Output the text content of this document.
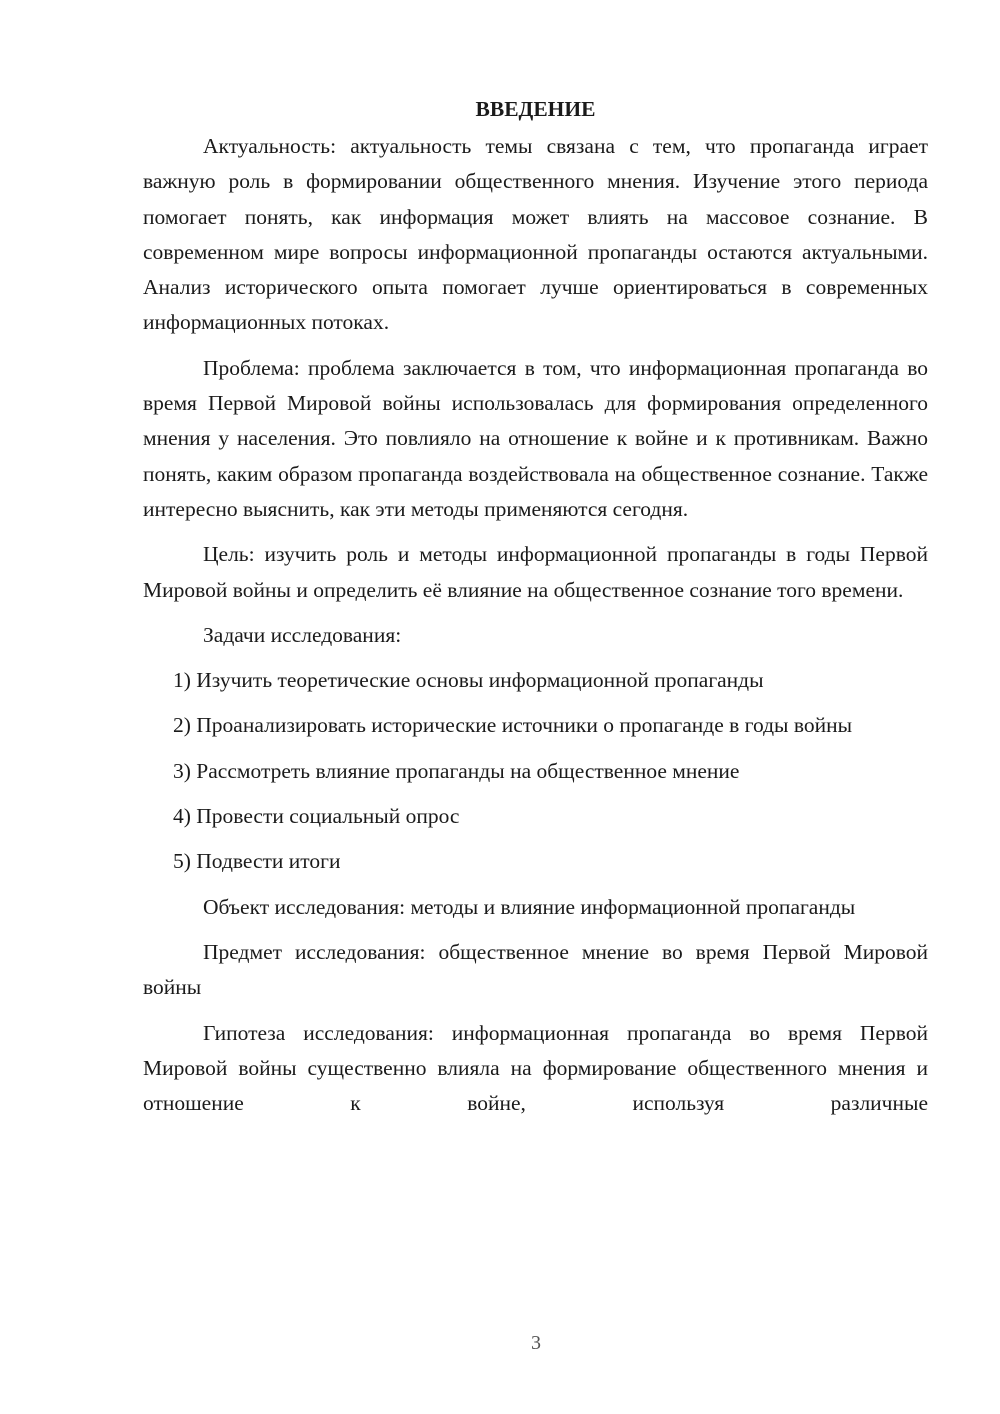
ВВЕДЕНИЕ

Актуальность: актуальность темы связана с тем, что пропаганда играет важную роль в формировании общественного мнения. Изучение этого периода помогает понять, как информация может влиять на массовое сознание. В современном мире вопросы информационной пропаганды остаются актуальными. Анализ исторического опыта помогает лучше ориентироваться в современных информационных потоках.

Проблема: проблема заключается в том, что информационная пропаганда во время Первой Мировой войны использовалась для формирования определенного мнения у населения. Это повлияло на отношение к войне и к противникам. Важно понять, каким образом пропаганда воздействовала на общественное сознание. Также интересно выяснить, как эти методы применяются сегодня.

Цель: изучить роль и методы информационной пропаганды в годы Первой Мировой войны и определить её влияние на общественное сознание того времени.

Задачи исследования:

1) Изучить теоретические основы информационной пропаганды

2) Проанализировать исторические источники о пропаганде в годы войны

3) Рассмотреть влияние пропаганды на общественное мнение

4) Провести социальный опрос

5) Подвести итоги

Объект исследования: методы и влияние информационной пропаганды

Предмет исследования: общественное мнение во время Первой Мировой войны

Гипотеза исследования: информационная пропаганда во время Первой Мировой войны существенно влияла на формирование общественного мнения и отношение к войне, используя различные

3
